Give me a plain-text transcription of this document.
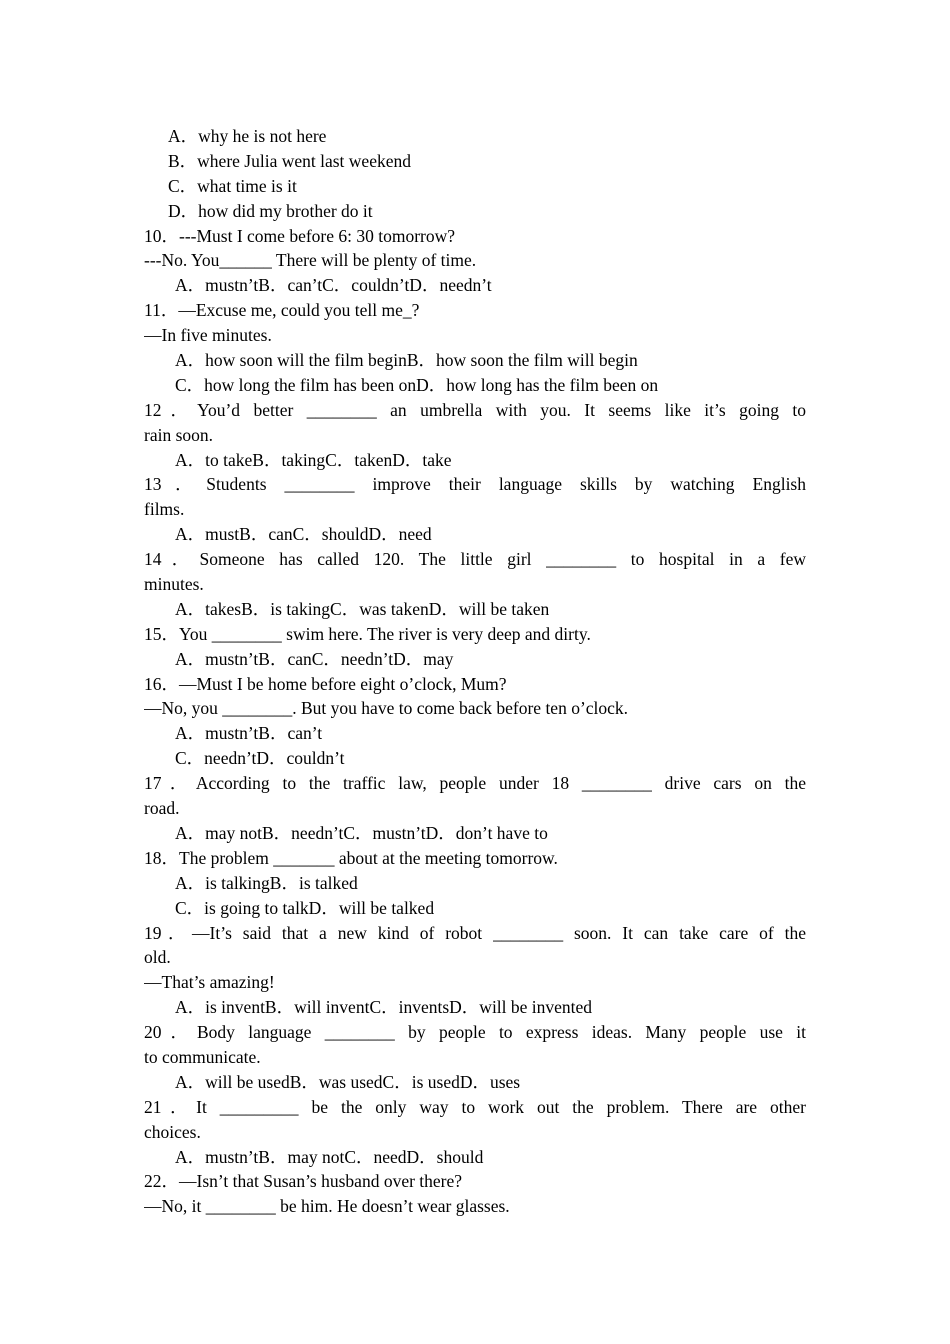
A．why he is not here
B．where Julia went last weekend
C．what time is it
D．how did my brother do it
10．---Must I come before 6: 30 tomorrow?
---No. You______ There will be plenty of time.
A．mustn’tB．can’tC．couldn’tD．needn’t
11．—Excuse me, could you tell me_?
—In five minutes.
A．how soon will the film beginB．how soon the film will begin
C．how long the film has been onD．how long has the film been on
12．You’d better ________ an umbrella with you. It seems like it’s going to
rain soon.
A．to takeB．takingC．takenD．take
13．Students ________ improve their language skills by watching English
films.
A．mustB．canC．shouldD．need
14．Someone has called 120. The little girl ________ to hospital in a few
minutes.
A．takesB．is takingC．was takenD．will be taken
15．You ________ swim here. The river is very deep and dirty.
A．mustn’tB．canC．needn’tD．may
16．—Must I be home before eight o’clock, Mum?
—No, you ________. But you have to come back before ten o’clock.
A．mustn’tB．can’t
C．needn’tD．couldn’t
17．According to the traffic law, people under 18 ________ drive cars on the
road.
A．may notB．needn’tC．mustn’tD．don’t have to
18．The problem _______ about at the meeting tomorrow.
A．is talkingB．is talked
C．is going to talkD．will be talked
19．—It’s said that a new kind of robot ________ soon. It can take care of the
old.
—That’s amazing!
A．is inventB．will inventC．inventsD．will be invented
20．Body language ________ by people to express ideas. Many people use it
to communicate.
A．will be usedB．was usedC．is usedD．uses
21．It _________ be the only way to work out the problem. There are other
choices.
A．mustn’tB．may notC．needD．should
22．—Isn’t that Susan’s husband over there?
—No, it ________ be him. He doesn’t wear glasses.
